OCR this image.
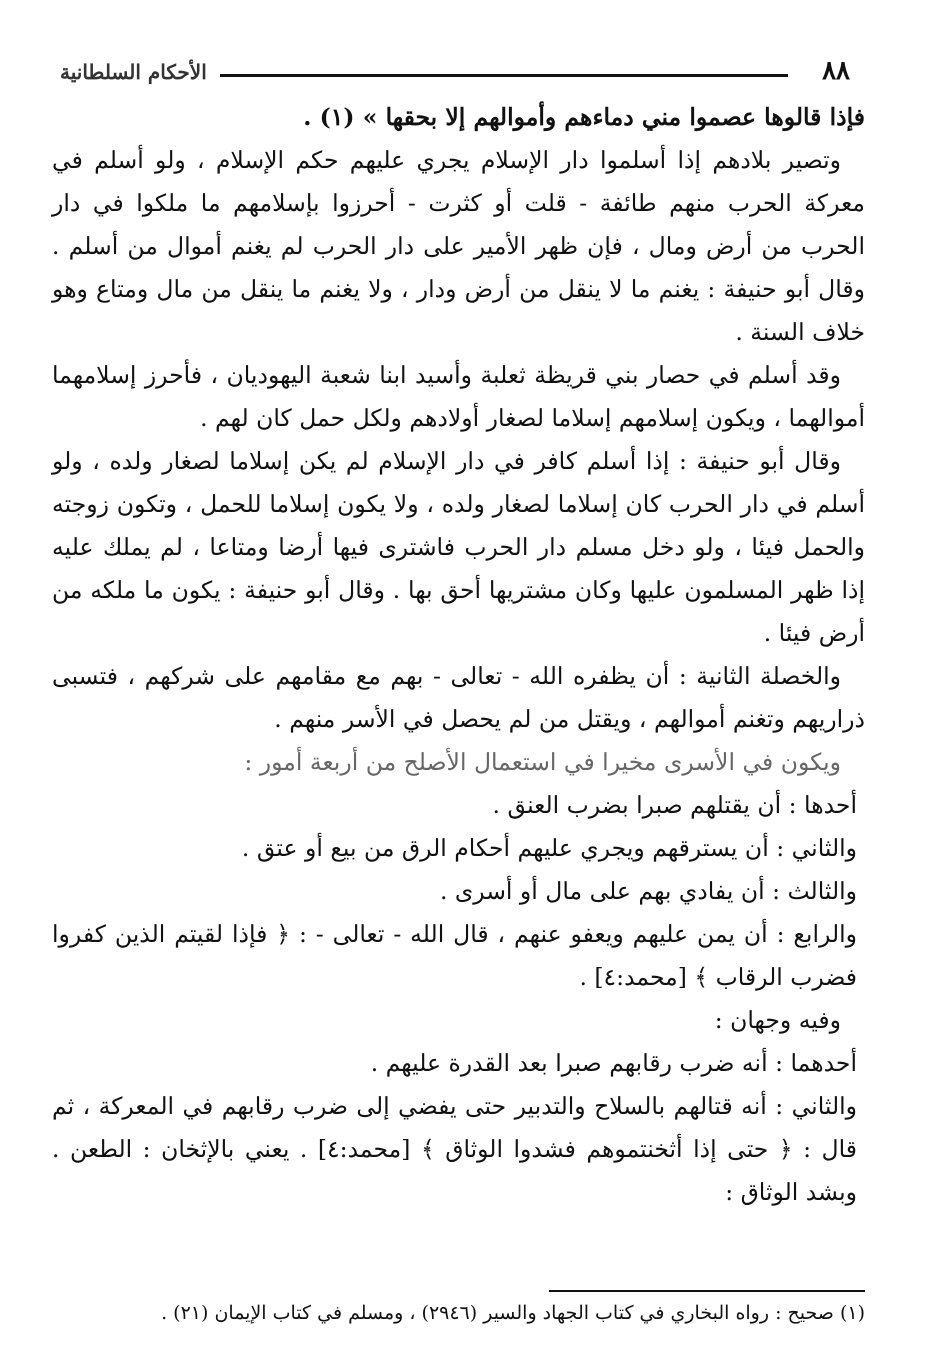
٨٨
الأحكام السلطانية

فإذا قالوها عصموا مني دماءهم وأموالهم إلا بحقها » (١) .

وتصير بلادهم إذا أسلموا دار الإسلام يجري عليهم حكم الإسلام ، ولو أسلم في معركة الحرب منهم طائفة - قلت أو كثرت - أحرزوا بإسلامهم ما ملكوا في دار الحرب من أرض ومال ، فإن ظهر الأمير على دار الحرب لم يغنم أموال من أسلم . وقال أبو حنيفة : يغنم ما لا ينقل من أرض ودار ، ولا يغنم ما ينقل من مال ومتاع وهو خلاف السنة .

وقد أسلم في حصار بني قريظة ثعلبة وأسيد ابنا شعبة اليهوديان ، فأحرز إسلامهما أموالهما ، ويكون إسلامهم إسلاما لصغار أولادهم ولكل حمل كان لهم .

وقال أبو حنيفة : إذا أسلم كافر في دار الإسلام لم يكن إسلاما لصغار ولده ، ولو أسلم في دار الحرب كان إسلاما لصغار ولده ، ولا يكون إسلاما للحمل ، وتكون زوجته والحمل فيئا ، ولو دخل مسلم دار الحرب فاشترى فيها أرضا ومتاعا ، لم يملك عليه إذا ظهر المسلمون عليها وكان مشتريها أحق بها . وقال أبو حنيفة : يكون ما ملكه من أرض فيئا .

والخصلة الثانية : أن يظفره الله - تعالى - بهم مع مقامهم على شركهم ، فتسبى ذراريهم وتغنم أموالهم ، ويقتل من لم يحصل في الأسر منهم .

ويكون في الأسرى مخيرا في استعمال الأصلح من أربعة أمور :

أحدها : أن يقتلهم صبرا بضرب العنق .

والثاني : أن يسترقهم ويجري عليهم أحكام الرق من بيع أو عتق .

والثالث : أن يفادي بهم على مال أو أسرى .

والرابع : أن يمن عليهم ويعفو عنهم ، قال الله - تعالى - : ﴿ فإذا لقيتم الذين كفروا فضرب الرقاب ﴾ [محمد:٤] .

وفيه وجهان :

أحدهما : أنه ضرب رقابهم صبرا بعد القدرة عليهم .

والثاني : أنه قتالهم بالسلاح والتدبير حتى يفضي إلى ضرب رقابهم في المعركة ، ثم قال : ﴿ حتى إذا أثخنتموهم فشدوا الوثاق ﴾ [محمد:٤] . يعني بالإثخان : الطعن . وبشد الوثاق :

(١) صحيح : رواه البخاري في كتاب الجهاد والسير (٢٩٤٦) ، ومسلم في كتاب الإيمان (٢١) .
